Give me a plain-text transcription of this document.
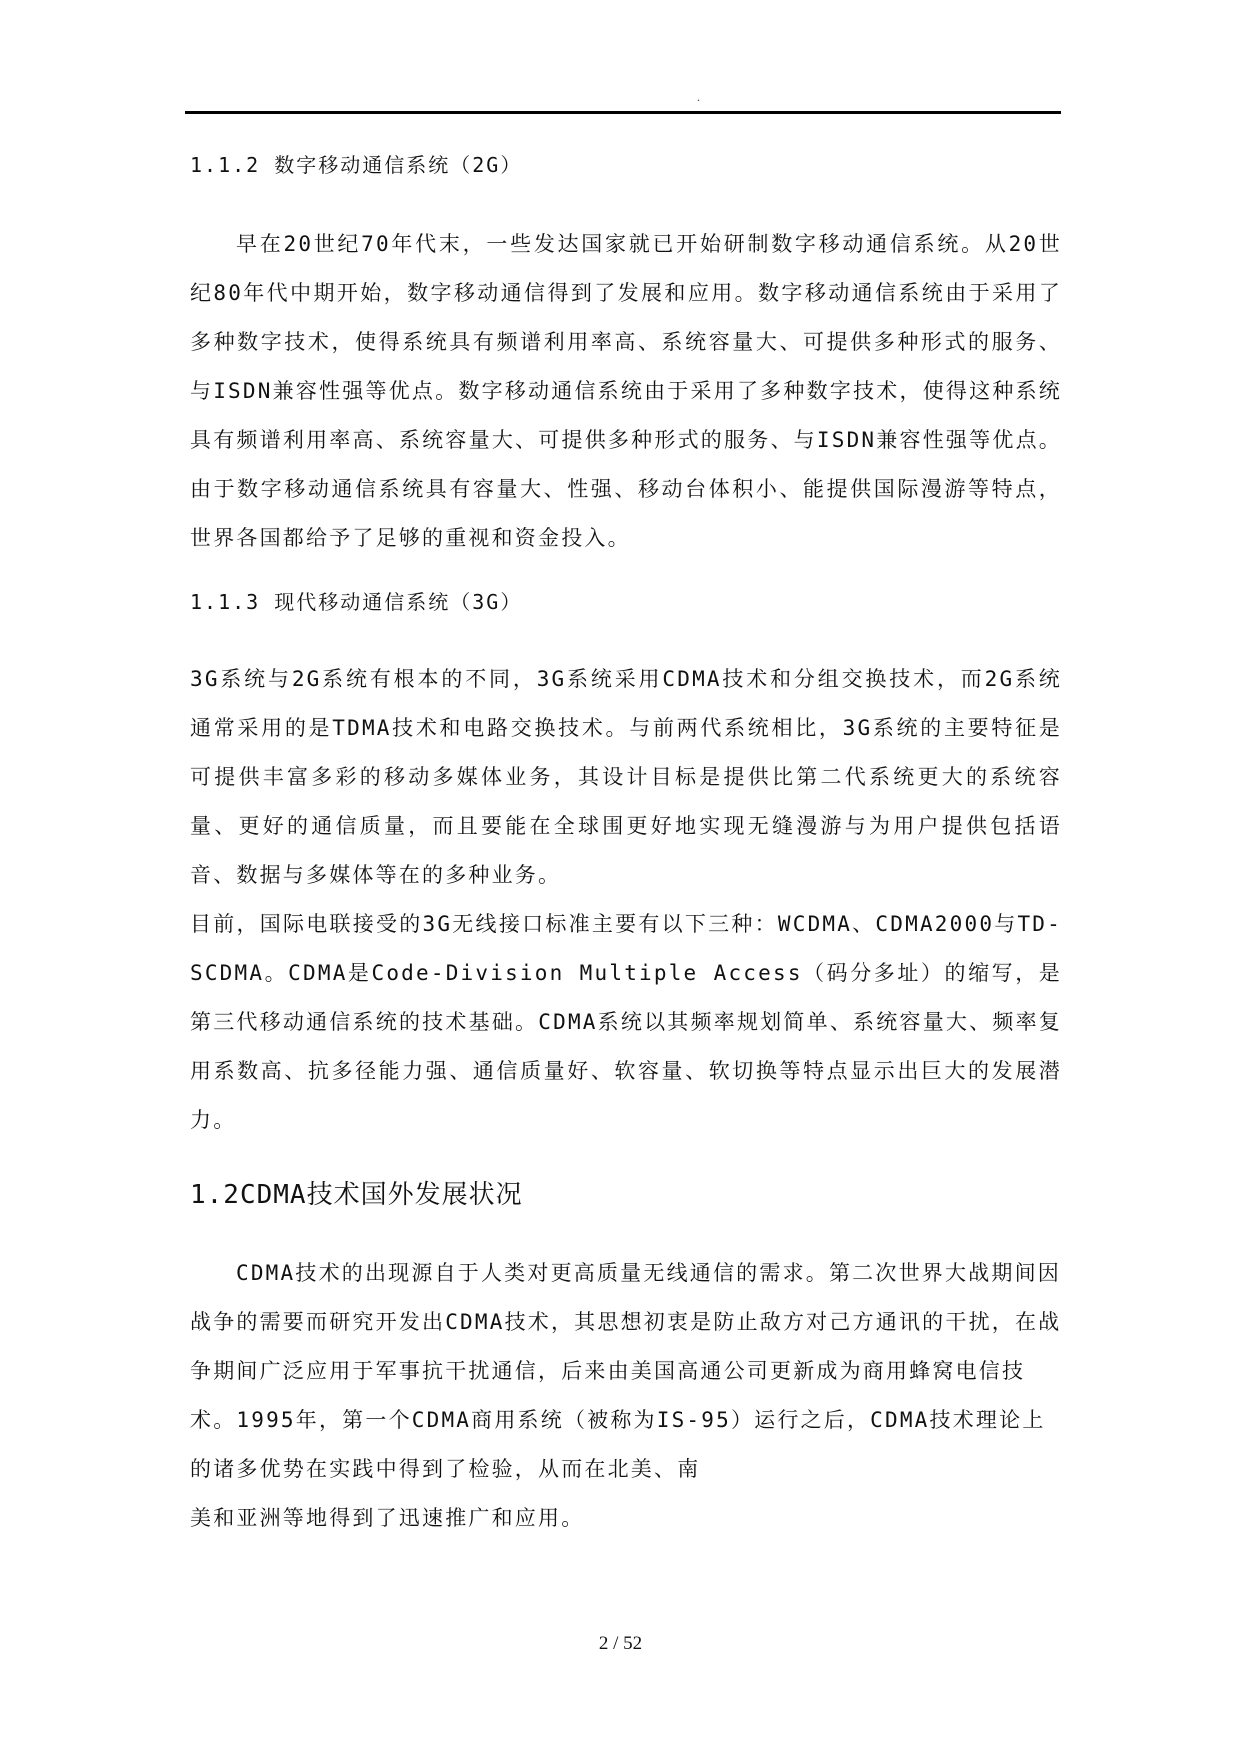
.

1.1.2 数字移动通信系统（2G）

早在20世纪70年代末，一些发达国家就已开始研制数字移动通信系统。从20世纪80年代中期开始，数字移动通信得到了发展和应用。数字移动通信系统由于采用了多种数字技术，使得系统具有频谱利用率高、系统容量大、可提供多种形式的服务、与ISDN兼容性强等优点。数字移动通信系统由于采用了多种数字技术，使得这种系统具有频谱利用率高、系统容量大、可提供多种形式的服务、与ISDN兼容性强等优点。由于数字移动通信系统具有容量大、性强、移动台体积小、能提供国际漫游等特点，世界各国都给予了足够的重视和资金投入。

1.1.3 现代移动通信系统（3G）

3G系统与2G系统有根本的不同，3G系统采用CDMA技术和分组交换技术，而2G系统通常采用的是TDMA技术和电路交换技术。与前两代系统相比，3G系统的主要特征是可提供丰富多彩的移动多媒体业务，其设计目标是提供比第二代系统更大的系统容量、更好的通信质量，而且要能在全球围更好地实现无缝漫游与为用户提供包括语音、数据与多媒体等在的多种业务。

目前，国际电联接受的3G无线接口标准主要有以下三种：WCDMA、CDMA2000与TD-SCDMA。CDMA是Code-Division Multiple Access（码分多址）的缩写，是第三代移动通信系统的技术基础。CDMA系统以其频率规划简单、系统容量大、频率复用系数高、抗多径能力强、通信质量好、软容量、软切换等特点显示出巨大的发展潜力。

1.2CDMA技术国外发展状况

CDMA技术的出现源自于人类对更高质量无线通信的需求。第二次世界大战期间因战争的需要而研究开发出CDMA技术，其思想初衷是防止敌方对己方通讯的干扰，在战争期间广泛应用于军事抗干扰通信，后来由美国高通公司更新成为商用蜂窝电信技术。1995年，第一个CDMA商用系统（被称为IS-95）运行之后，CDMA技术理论上的诸多优势在实践中得到了检验，从而在北美、南

美和亚洲等地得到了迅速推广和应用。

2 / 52
